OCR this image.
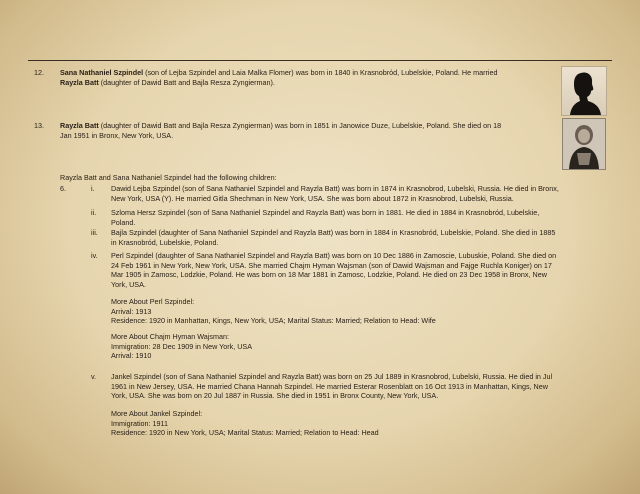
12. Sana Nathaniel Szpindel (son of Lejba Szpindel and Laia Malka Flomer) was born in 1840 in Krasnobród, Lubelskie, Poland. He married
Rayzla Batt (daughter of Dawid Batt and Bajla Resza Zyngierman).
13. Rayzla Batt (daughter of Dawid Batt and Bajla Resza Zyngierman) was born in 1851 in Janowice Duze, Lubelskie, Poland. She died on 18
Jan 1951 in Bronx, New York, USA.
Rayzla Batt and Sana Nathaniel Szpindel had the following children:
6.	i. Dawid Lejba Szpindel (son of Sana Nathaniel Szpindel and Rayzla Batt) was born in 1874 in Krasnobrod, Lubelski, Russia. He died in Bronx,
New York, USA (Y). He married Gitla Shechman in New York, USA. She was born about 1872 in Krasnobrod, Lubelski, Russia.
ii. Szloma Hersz Szpindel (son of Sana Nathaniel Szpindel and Rayzla Batt) was born in 1881. He died in 1884 in Krasnobród, Lubelskie,
Poland.
iii. Bajla Szpindel (daughter of Sana Nathaniel Szpindel and Rayzla Batt) was born in 1884 in Krasnobród, Lubelskie, Poland. She died in 1885
in Krasnobród, Lubelskie, Poland.
iv. Perl Szpindel (daughter of Sana Nathaniel Szpindel and Rayzla Batt) was born on 10 Dec 1886 in Zamoscie, Lubuskie, Poland. She died on
24 Feb 1961 in New York, New York, USA. She married Chajm Hyman Wajsman (son of Dawid Wajsman and Fajge Ruchla Koniger) on 17
Mar 1905 in Zamosc, Lodzkie, Poland. He was born on 18 Mar 1881 in Zamosc, Lodzkie, Poland. He died on 23 Dec 1958 in Bronx, New
York, USA.
More About Perl Szpindel:
Arrival: 1913
Residence: 1920 in Manhattan, Kings, New York, USA; Marital Status: Married; Relation to Head: Wife
More About Chajm Hyman Wajsman:
Immigration: 28 Dec 1909 in New York, USA
Arrival: 1910
v. Jankel Szpindel (son of Sana Nathaniel Szpindel and Rayzla Batt) was born on 25 Jul 1889 in Krasnobrod, Lubelski, Russia. He died in Jul
1961 in New Jersey, USA. He married Chana Hannah Szpindel. He married Esterar Rosenblatt on 16 Oct 1913 in Manhattan, Kings, New
York, USA. She was born on 20 Jul 1887 in Russia. She died in 1951 in Bronx County, New York, USA.
More About Jankel Szpindel:
Immigration: 1911
Residence: 1920 in New York, USA; Marital Status: Married; Relation to Head: Head
